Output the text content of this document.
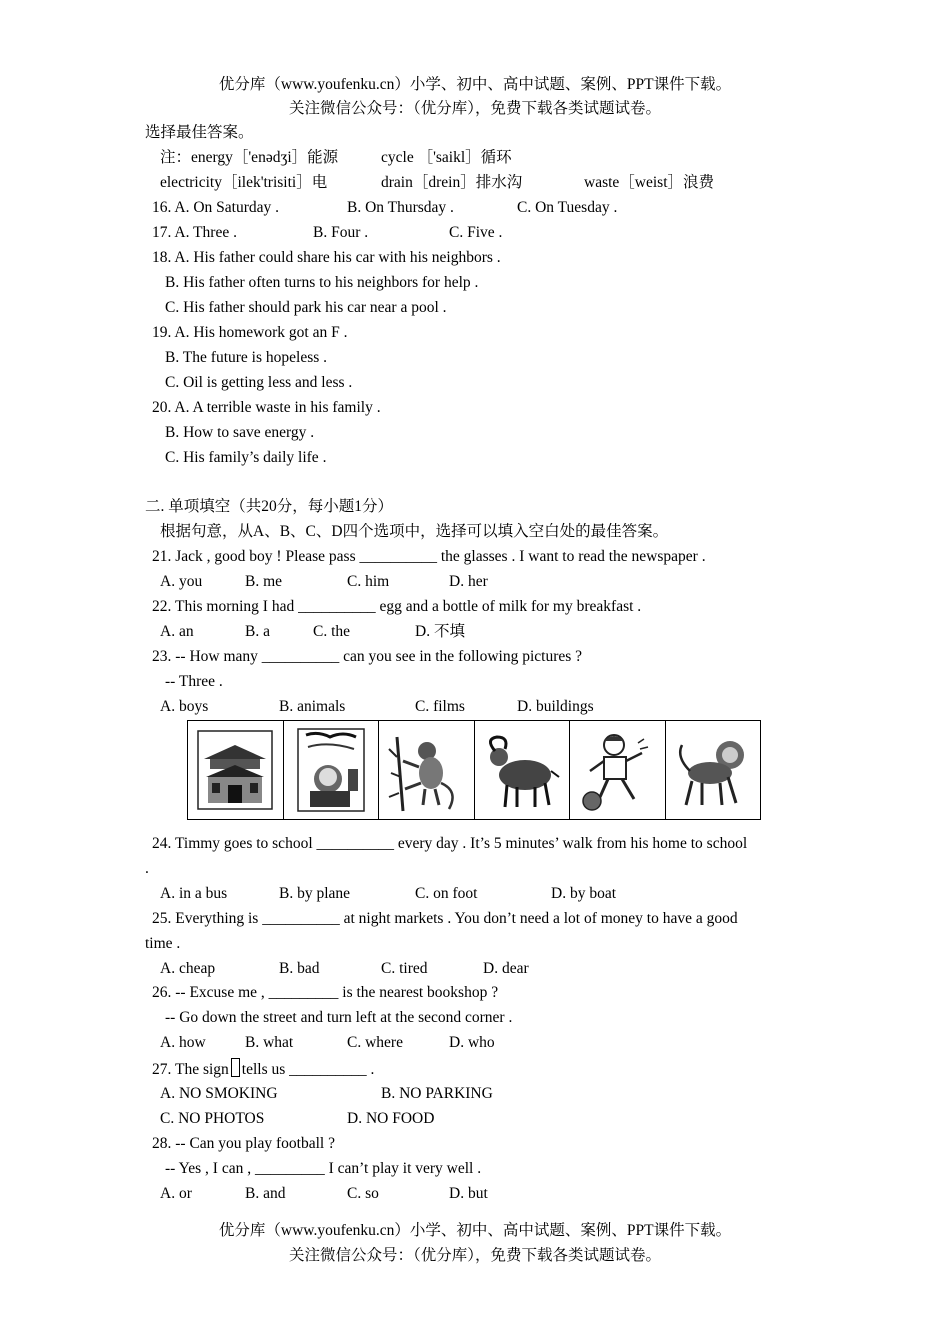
优分库（www.youfenku.cn）小学、初中、高中试题、案例、PPT课件下载。
关注微信公众号：（优分库），免费下载各类试题试卷。
选择最佳答案。
注：energy［'enədʒi］能源	cycle ［'saikl］循环
electricity［ilek'trisiti］电	drain［drein］排水沟	waste［weist］浪费
16. A. On Saturday .	B. On Thursday .	C. On Tuesday .
17. A. Three .	B. Four .	C. Five .
18. A. His father could share his car with his neighbors .
B. His father often turns to his neighbors for help .
C. His father should park his car near a pool .
19. A. His homework got an F .
B. The future is hopeless .
C. Oil is getting less and less .
20. A. A terrible waste in his family .
B. How to save energy .
C. His family’s daily life .
二. 单项填空（共20分，每小题1分）
根据句意，从A、B、C、D四个选项中，选择可以填入空白处的最佳答案。
21. Jack , good boy ! Please pass __________ the glasses . I want to read the newspaper .
A. you	B. me	C. him	D. her
22. This morning I had __________ egg and a bottle of milk for my breakfast .
A. an	B. a	C. the	D. 不填
23. -- How many __________ can you see in the following pictures ?
-- Three .
A. boys	B. animals	C. films	D. buildings
24. Timmy goes to school __________ every day . It’s 5 minutes’ walk from his home to school
.
A. in a bus	B. by plane	C. on foot	D. by boat
25. Everything is __________ at night markets . You don’t need a lot of money to have a good
time .
A. cheap	B. bad	C. tired	D. dear
26. -- Excuse me , _________ is the nearest bookshop ?
-- Go down the street and turn left at the second corner .
A. how	B. what	C. where	D. who
27. The sign tells us __________ .
A. NO SMOKING	B. NO PARKING
C. NO PHOTOS	D. NO FOOD
28. -- Can you play football ?
-- Yes , I can , _________ I can’t play it very well .
A. or	B. and	C. so	D. but
优分库（www.youfenku.cn）小学、初中、高中试题、案例、PPT课件下载。
关注微信公众号：（优分库），免费下载各类试题试卷。
